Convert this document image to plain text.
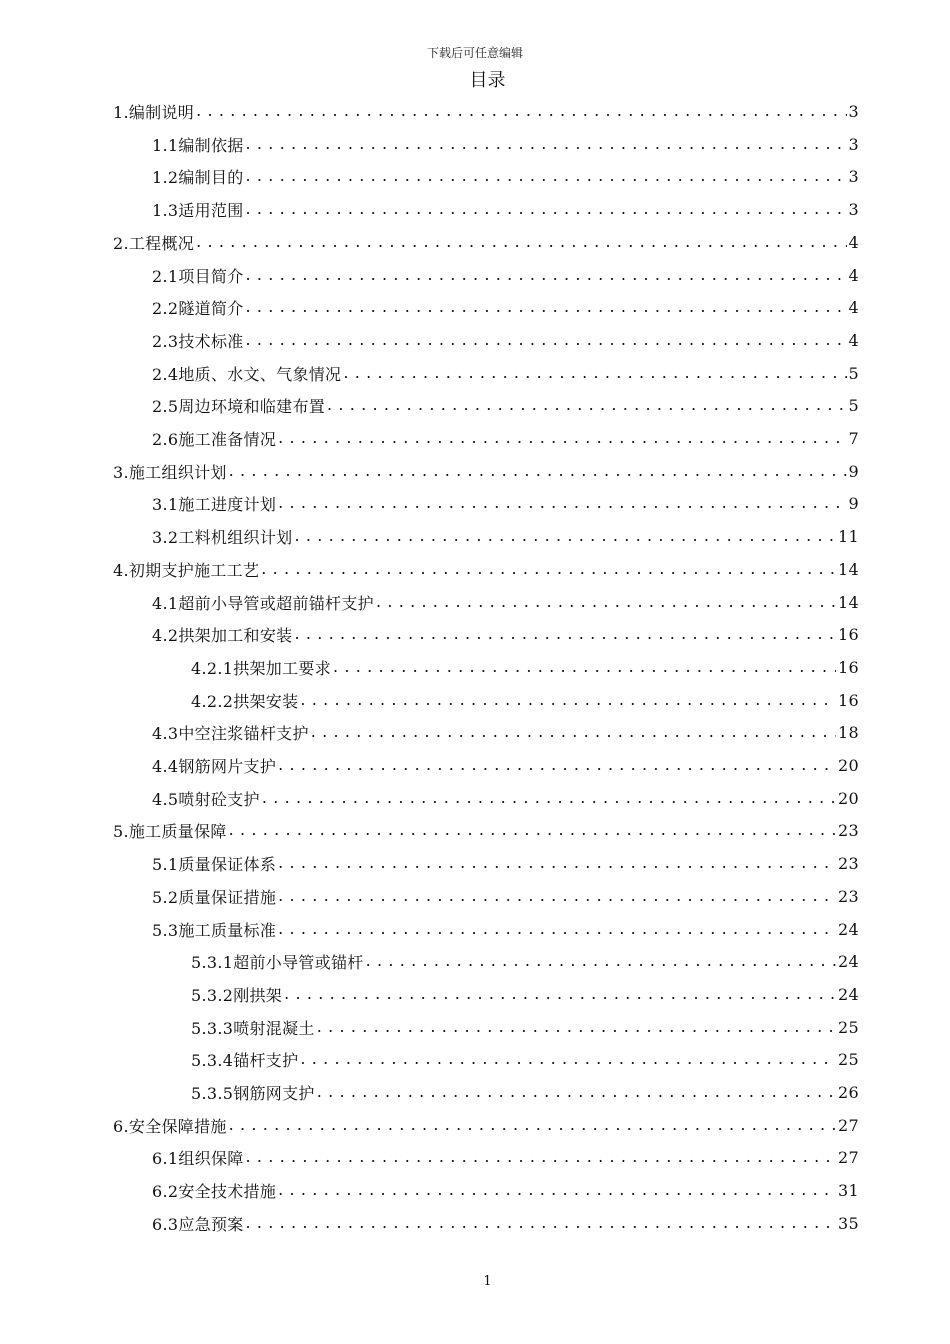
下载后可任意编辑
目录
1.编制说明 . . .	3
1.1编制依据 . . .	3
1.2编制目的 . . .	3
1.3适用范围 . . .	3
2.工程概况 . . .	4
2.1项目简介 . . .	4
2.2隧道简介 . . .	4
2.3技术标准 . . .	4
2.4地质、水文、气象情况 . . .	5
2.5周边环境和临建布置 . . .	5
2.6施工准备情况 . . .	7
3.施工组织计划 . . .	9
3.1施工进度计划 . . .	9
3.2工料机组织计划 . . .	11
4.初期支护施工工艺 . . .	14
4.1超前小导管或超前锚杆支护 . . .	14
4.2拱架加工和安装 . . .	16
4.2.1拱架加工要求 . . .	16
4.2.2拱架安装 . . .	16
4.3中空注浆锚杆支护 . . .	18
4.4钢筋网片支护 . . .	20
4.5喷射砼支护 . . .	20
5.施工质量保障 . . .	23
5.1质量保证体系 . . .	23
5.2质量保证措施 . . .	23
5.3施工质量标准 . . .	24
5.3.1超前小导管或锚杆 . . .	24
5.3.2刚拱架 . . .	24
5.3.3喷射混凝土 . . .	25
5.3.4锚杆支护 . . .	25
5.3.5钢筋网支护 . . .	26
6.安全保障措施 . . .	27
6.1组织保障 . . .	27
6.2安全技术措施 . . .	31
6.3应急预案 . . .	35
1
